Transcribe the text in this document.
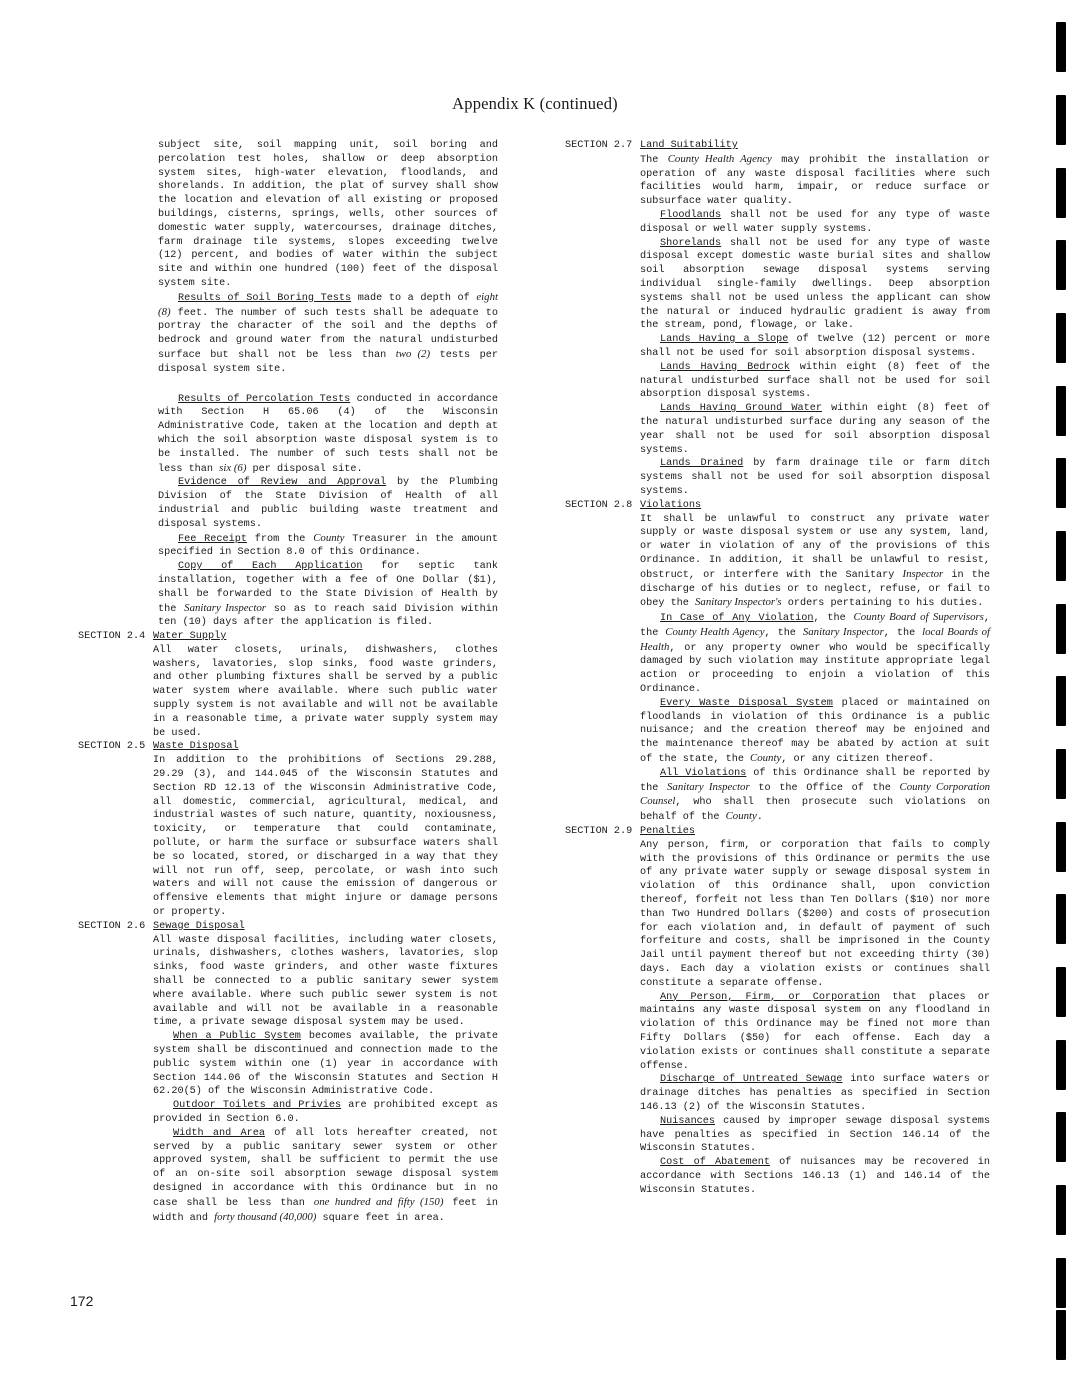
Appendix K (continued)

subject site, soil mapping unit, soil boring and percolation test holes, shallow or deep absorption system sites, high-water elevation, floodlands, and shorelands. In addition, the plat of survey shall show the location and elevation of all existing or proposed buildings, cisterns, springs, wells, other sources of domestic water supply, watercourses, drainage ditches, farm drainage tile systems, slopes exceeding twelve (12) percent, and bodies of water within the subject site and within one hundred (100) feet of the disposal system site.

Results of Soil Boring Tests made to a depth of eight (8) feet. The number of such tests shall be adequate to portray the character of the soil and the depths of bedrock and ground water from the natural undisturbed surface but shall not be less than two (2) tests per disposal system site.

Results of Percolation Tests conducted in accordance with Section H 65.06 (4) of the Wisconsin Administrative Code, taken at the location and depth at which the soil absorption waste disposal system is to be installed. The number of such tests shall not be less than six (6) per disposal site.

Evidence of Review and Approval by the Plumbing Division of the State Division of Health of all industrial and public building waste treatment and disposal systems.

Fee Receipt from the County Treasurer in the amount specified in Section 8.0 of this Ordinance.

Copy of Each Application for septic tank installation, together with a fee of One Dollar ($1), shall be forwarded to the State Division of Health by the Sanitary Inspector so as to reach said Division within ten (10) days after the application is filed.

SECTION 2.4 Water Supply

All water closets, urinals, dishwashers, clothes washers, lavatories, slop sinks, food waste grinders, and other plumbing fixtures shall be served by a public water system where available. Where such public water supply system is not available and will not be available in a reasonable time, a private water supply system may be used.

SECTION 2.5 Waste Disposal

In addition to the prohibitions of Sections 29.288, 29.29 (3), and 144.045 of the Wisconsin Statutes and Section RD 12.13 of the Wisconsin Administrative Code, all domestic, commercial, agricultural, medical, and industrial wastes of such nature, quantity, noxiousness, toxicity, or temperature that could contaminate, pollute, or harm the surface or subsurface waters shall be so located, stored, or discharged in a way that they will not run off, seep, percolate, or wash into such waters and will not cause the emission of dangerous or offensive elements that might injure or damage persons or property.

SECTION 2.6 Sewage Disposal

All waste disposal facilities, including water closets, urinals, dishwashers, clothes washers, lavatories, slop sinks, food waste grinders, and other waste fixtures shall be connected to a public sanitary sewer system where available. Where such public sewer system is not available and will not be available in a reasonable time, a private sewage disposal system may be used.

When a Public System becomes available, the private system shall be discontinued and connection made to the public system within one (1) year in accordance with Section 144.06 of the Wisconsin Statutes and Section H 62.20(5) of the Wisconsin Administrative Code.

Outdoor Toilets and Privies are prohibited except as provided in Section 6.0.

Width and Area of all lots hereafter created, not served by a public sanitary sewer system or other approved system, shall be sufficient to permit the use of an on-site soil absorption sewage disposal system designed in accordance with this Ordinance but in no case shall be less than one hundred and fifty (150) feet in width and forty thousand (40,000) square feet in area.

SECTION 2.7 Land Suitability

The County Health Agency may prohibit the installation or operation of any waste disposal facilities where such facilities would harm, impair, or reduce surface or subsurface water quality.

Floodlands shall not be used for any type of waste disposal or well water supply systems.

Shorelands shall not be used for any type of waste disposal except domestic waste burial sites and shallow soil absorption sewage disposal systems serving individual single-family dwellings. Deep absorption systems shall not be used unless the applicant can show the natural or induced hydraulic gradient is away from the stream, pond, flowage, or lake.

Lands Having a Slope of twelve (12) percent or more shall not be used for soil absorption disposal systems.

Lands Having Bedrock within eight (8) feet of the natural undisturbed surface shall not be used for soil absorption disposal systems.

Lands Having Ground Water within eight (8) feet of the natural undisturbed surface during any season of the year shall not be used for soil absorption disposal systems.

Lands Drained by farm drainage tile or farm ditch systems shall not be used for soil absorption disposal systems.

SECTION 2.8 Violations

It shall be unlawful to construct any private water supply or waste disposal system or use any system, land, or water in violation of any of the provisions of this Ordinance. In addition, it shall be unlawful to resist, obstruct, or interfere with the Sanitary Inspector in the discharge of his duties or to neglect, refuse, or fail to obey the Sanitary Inspector's orders pertaining to his duties.

In Case of Any Violation, the County Board of Supervisors, the County Health Agency, the Sanitary Inspector, the local Boards of Health, or any property owner who would be specifically damaged by such violation may institute appropriate legal action or proceeding to enjoin a violation of this Ordinance.

Every Waste Disposal System placed or maintained on floodlands in violation of this Ordinance is a public nuisance; and the creation thereof may be enjoined and the maintenance thereof may be abated by action at suit of the state, the County, or any citizen thereof.

All Violations of this Ordinance shall be reported by the Sanitary Inspector to the Office of the County Corporation Counsel, who shall then prosecute such violations on behalf of the County.

SECTION 2.9 Penalties

Any person, firm, or corporation that fails to comply with the provisions of this Ordinance or permits the use of any private water supply or sewage disposal system in violation of this Ordinance shall, upon conviction thereof, forfeit not less than Ten Dollars ($10) nor more than Two Hundred Dollars ($200) and costs of prosecution for each violation and, in default of payment of such forfeiture and costs, shall be imprisoned in the County Jail until payment thereof but not exceeding thirty (30) days. Each day a violation exists or continues shall constitute a separate offense.

Any Person, Firm, or Corporation that places or maintains any waste disposal system on any floodland in violation of this Ordinance may be fined not more than Fifty Dollars ($50) for each offense. Each day a violation exists or continues shall constitute a separate offense.

Discharge of Untreated Sewage into surface waters or drainage ditches has penalties as specified in Section 146.13 (2) of the Wisconsin Statutes.

Nuisances caused by improper sewage disposal systems have penalties as specified in Section 146.14 of the Wisconsin Statutes.

Cost of Abatement of nuisances may be recovered in accordance with Sections 146.13 (1) and 146.14 of the Wisconsin Statutes.

172
